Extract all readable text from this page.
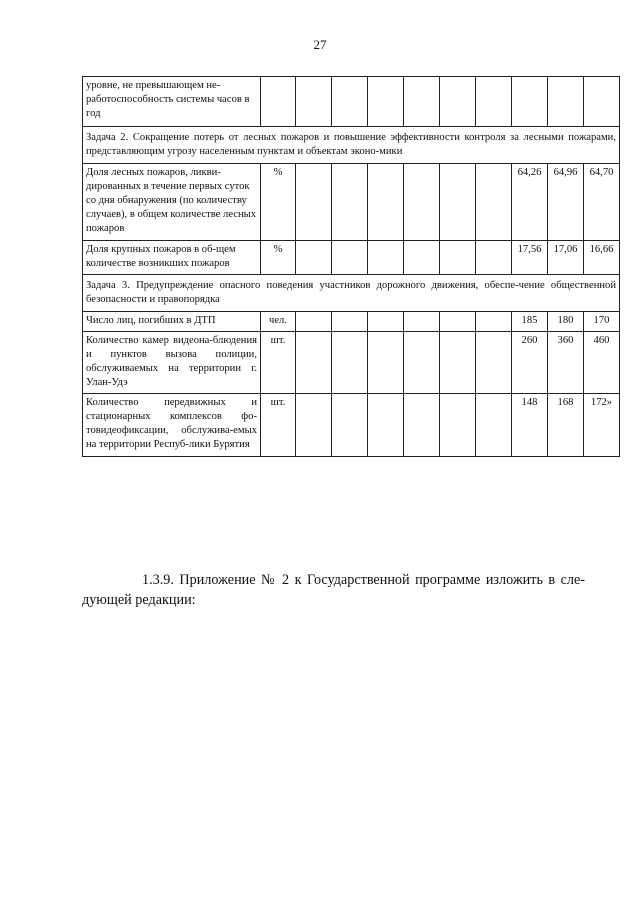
27
уровне, не превышающем не-работоспособность системы часов в год										
Задача 2. Сокращение потерь от лесных пожаров и повышение эффективности контроля за лесными пожарами, представляющим угрозу населенным пунктам и объектам эконо-мики										
Доля лесных пожаров, ликви-дированных в течение первых суток со дня обнаружения (по количеству случаев), в общем количестве лесных пожаров	%							64,26	64,96	64,70
Доля крупных пожаров в об-щем количестве возникших пожаров	%							17,56	17,06	16,66
Задача 3. Предупреждение опасного поведения участников дорожного движения, обеспе-чение общественной безопасности и правопорядка										
Число лиц, погибших в ДТП	чел.							185	180	170
Количество камер видеона-блюдения и пунктов вызова полиции, обслуживаемых на территории г. Улан-Удэ	шт.							260	360	460
Количество передвижных и стационарных комплексов фо-товидеофиксации, обслужива-емых на территории Респуб-лики Бурятия	шт.							148	168	172»

1.3.9. Приложение № 2 к Государственной программе изложить в сле-дующей редакции:
